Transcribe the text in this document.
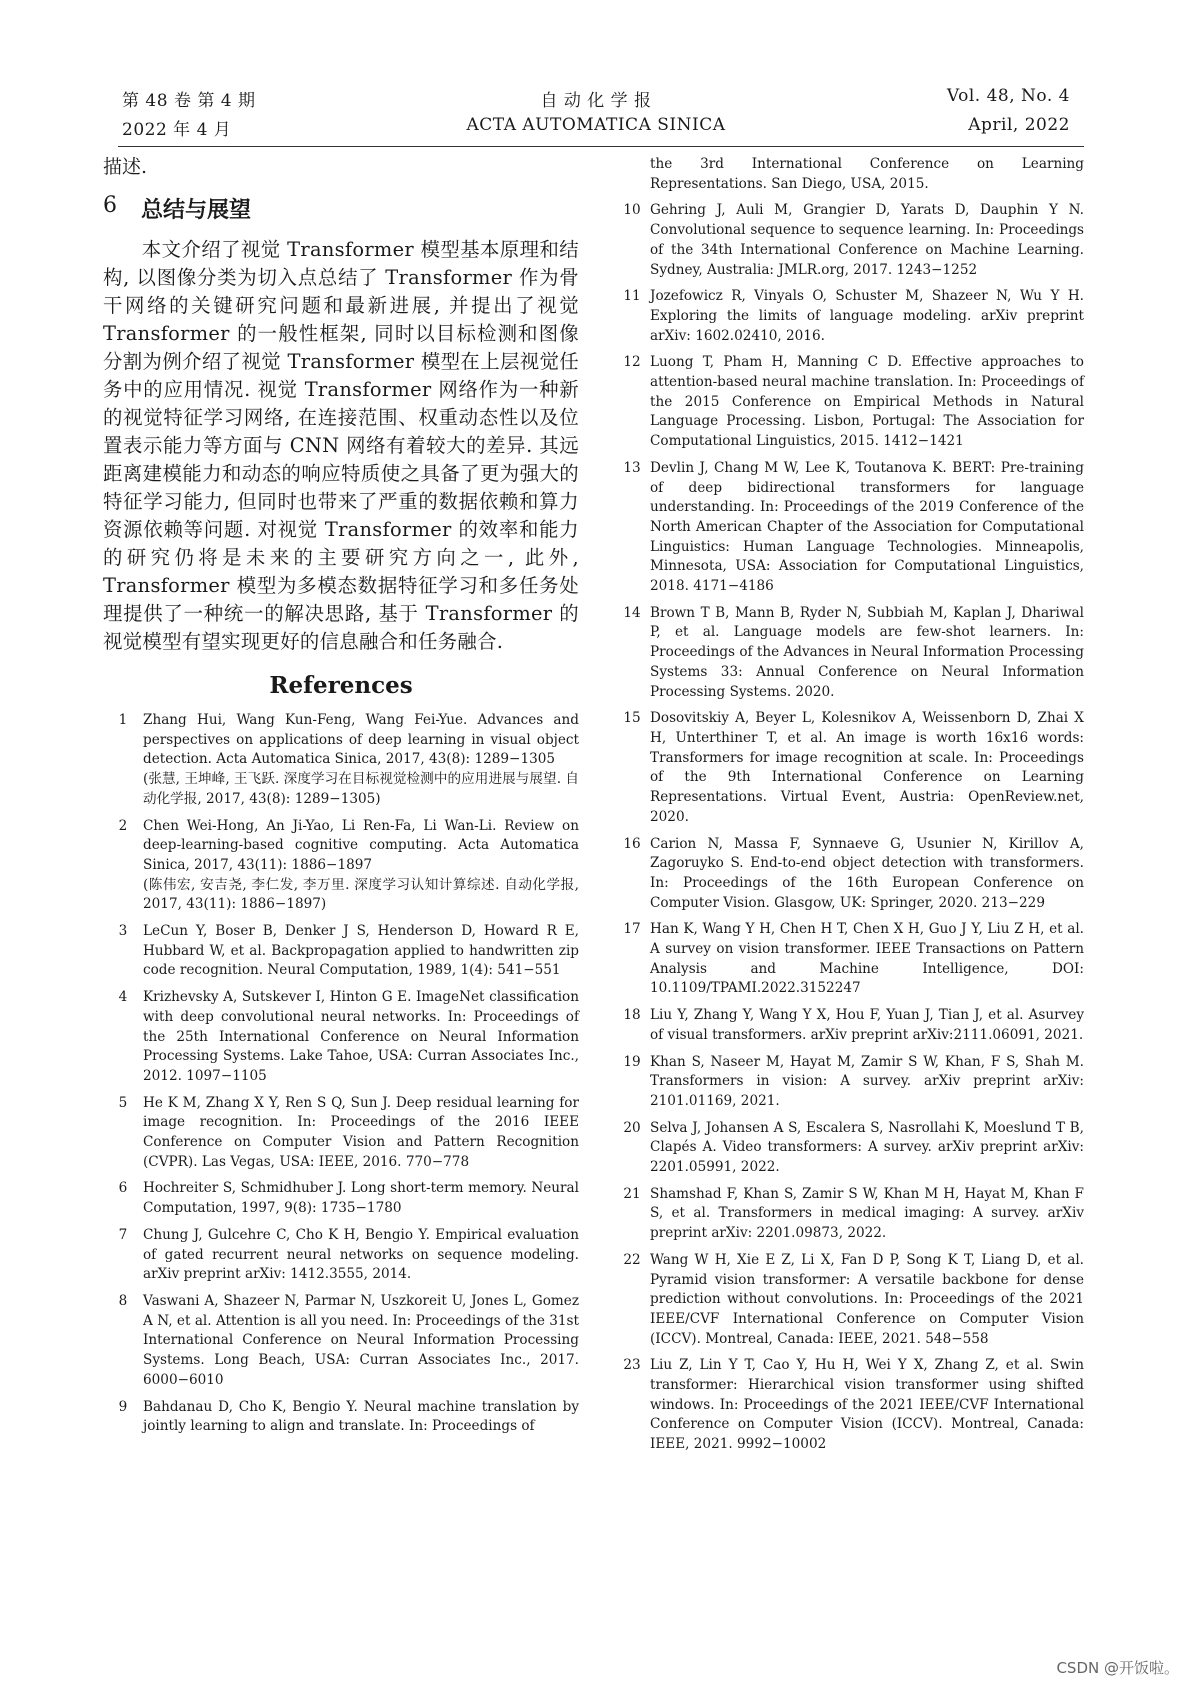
第 48 卷 第 4 期	自 动 化 学 报	Vol. 48, No. 4
2022 年 4 月	ACTA AUTOMATICA SINICA	April, 2022

描述.

6	总结与展望

本文介绍了视觉 Transformer 模型基本原理和结构, 以图像分类为切入点总结了 Transformer 作为骨干网络的关键研究问题和最新进展, 并提出了视觉 Transformer 的一般性框架, 同时以目标检测和图像分割为例介绍了视觉 Transformer 模型在上层视觉任务中的应用情况. 视觉 Transformer 网络作为一种新的视觉特征学习网络, 在连接范围、权重动态性以及位置表示能力等方面与 CNN 网络有着较大的差异. 其远距离建模能力和动态的响应特质使之具备了更为强大的特征学习能力, 但同时也带来了严重的数据依赖和算力资源依赖等问题. 对视觉 Transformer 的效率和能力的研究仍将是未来的主要研究方向之一, 此外, Transformer 模型为多模态数据特征学习和多任务处理提供了一种统一的解决思路, 基于 Transformer 的视觉模型有望实现更好的信息融合和任务融合.

References
1	Zhang Hui, Wang Kun-Feng, Wang Fei-Yue. Advances and perspectives on applications of deep learning in visual object detection. Acta Automatica Sinica, 2017, 43(8): 1289−1305
(张慧, 王坤峰, 王飞跃. 深度学习在目标视觉检测中的应用进展与展望. 自动化学报, 2017, 43(8): 1289−1305)
2	Chen Wei-Hong, An Ji-Yao, Li Ren-Fa, Li Wan-Li. Review on deep-learning-based cognitive computing. Acta Automatica Sinica, 2017, 43(11): 1886−1897
(陈伟宏, 安吉尧, 李仁发, 李万里. 深度学习认知计算综述. 自动化学报, 2017, 43(11): 1886−1897)
3	LeCun Y, Boser B, Denker J S, Henderson D, Howard R E, Hubbard W, et al. Backpropagation applied to handwritten zip code recognition. Neural Computation, 1989, 1(4): 541−551
4	Krizhevsky A, Sutskever I, Hinton G E. ImageNet classification with deep convolutional neural networks. In: Proceedings of the 25th International Conference on Neural Information Processing Systems. Lake Tahoe, USA: Curran Associates Inc., 2012. 1097−1105
5	He K M, Zhang X Y, Ren S Q, Sun J. Deep residual learning for image recognition. In: Proceedings of the 2016 IEEE Conference on Computer Vision and Pattern Recognition (CVPR). Las Vegas, USA: IEEE, 2016. 770−778
6	Hochreiter S, Schmidhuber J. Long short-term memory. Neural Computation, 1997, 9(8): 1735−1780
7	Chung J, Gulcehre C, Cho K H, Bengio Y. Empirical evaluation of gated recurrent neural networks on sequence modeling. arXiv preprint arXiv: 1412.3555, 2014.
8	Vaswani A, Shazeer N, Parmar N, Uszkoreit U, Jones L, Gomez A N, et al. Attention is all you need. In: Proceedings of the 31st International Conference on Neural Information Processing Systems. Long Beach, USA: Curran Associates Inc., 2017. 6000−6010
9	Bahdanau D, Cho K, Bengio Y. Neural machine translation by jointly learning to align and translate. In: Proceedings of
the 3rd International Conference on Learning Representations. San Diego, USA, 2015.
10 Gehring J, Auli M, Grangier D, Yarats D, Dauphin Y N. Convolutional sequence to sequence learning. In: Proceedings of the 34th International Conference on Machine Learning. Sydney, Australia: JMLR.org, 2017. 1243−1252
11 Jozefowicz R, Vinyals O, Schuster M, Shazeer N, Wu Y H. Exploring the limits of language modeling. arXiv preprint arXiv: 1602.02410, 2016.
12 Luong T, Pham H, Manning C D. Effective approaches to attention-based neural machine translation. In: Proceedings of the 2015 Conference on Empirical Methods in Natural Language Processing. Lisbon, Portugal: The Association for Computational Linguistics, 2015. 1412−1421
13 Devlin J, Chang M W, Lee K, Toutanova K. BERT: Pre-training of deep bidirectional transformers for language understanding. In: Proceedings of the 2019 Conference of the North American Chapter of the Association for Computational Linguistics: Human Language Technologies. Minneapolis, Minnesota, USA: Association for Computational Linguistics, 2018. 4171−4186
14 Brown T B, Mann B, Ryder N, Subbiah M, Kaplan J, Dhariwal P, et al. Language models are few-shot learners. In: Proceedings of the Advances in Neural Information Processing Systems 33: Annual Conference on Neural Information Processing Systems. 2020.
15 Dosovitskiy A, Beyer L, Kolesnikov A, Weissenborn D, Zhai X H, Unterthiner T, et al. An image is worth 16x16 words: Transformers for image recognition at scale. In: Proceedings of the 9th International Conference on Learning Representations. Virtual Event, Austria: OpenReview.net, 2020.
16 Carion N, Massa F, Synnaeve G, Usunier N, Kirillov A, Zagoruyko S. End-to-end object detection with transformers. In: Proceedings of the 16th European Conference on Computer Vision. Glasgow, UK: Springer, 2020. 213−229
17 Han K, Wang Y H, Chen H T, Chen X H, Guo J Y, Liu Z H, et al. A survey on vision transformer. IEEE Transactions on Pattern Analysis and Machine Intelligence, DOI: 10.1109/TPAMI.2022.3152247
18 Liu Y, Zhang Y, Wang Y X, Hou F, Yuan J, Tian J, et al. Asurvey of visual transformers. arXiv preprint arXiv:2111.06091, 2021.
19 Khan S, Naseer M, Hayat M, Zamir S W, Khan, F S, Shah M. Transformers in vision: A survey. arXiv preprint arXiv: 2101.01169, 2021.
20 Selva J, Johansen A S, Escalera S, Nasrollahi K, Moeslund T B, Clapés A. Video transformers: A survey. arXiv preprint arXiv: 2201.05991, 2022.
21 Shamshad F, Khan S, Zamir S W, Khan M H, Hayat M, Khan F S, et al. Transformers in medical imaging: A survey. arXiv preprint arXiv: 2201.09873, 2022.
22 Wang W H, Xie E Z, Li X, Fan D P, Song K T, Liang D, et al. Pyramid vision transformer: A versatile backbone for dense prediction without convolutions. In: Proceedings of the 2021 IEEE/CVF International Conference on Computer Vision (ICCV). Montreal, Canada: IEEE, 2021. 548−558
23 Liu Z, Lin Y T, Cao Y, Hu H, Wei Y X, Zhang Z, et al. Swin transformer: Hierarchical vision transformer using shifted windows. In: Proceedings of the 2021 IEEE/CVF International Conference on Computer Vision (ICCV). Montreal, Canada: IEEE, 2021. 9992−10002
CSDN @开饭啦。
